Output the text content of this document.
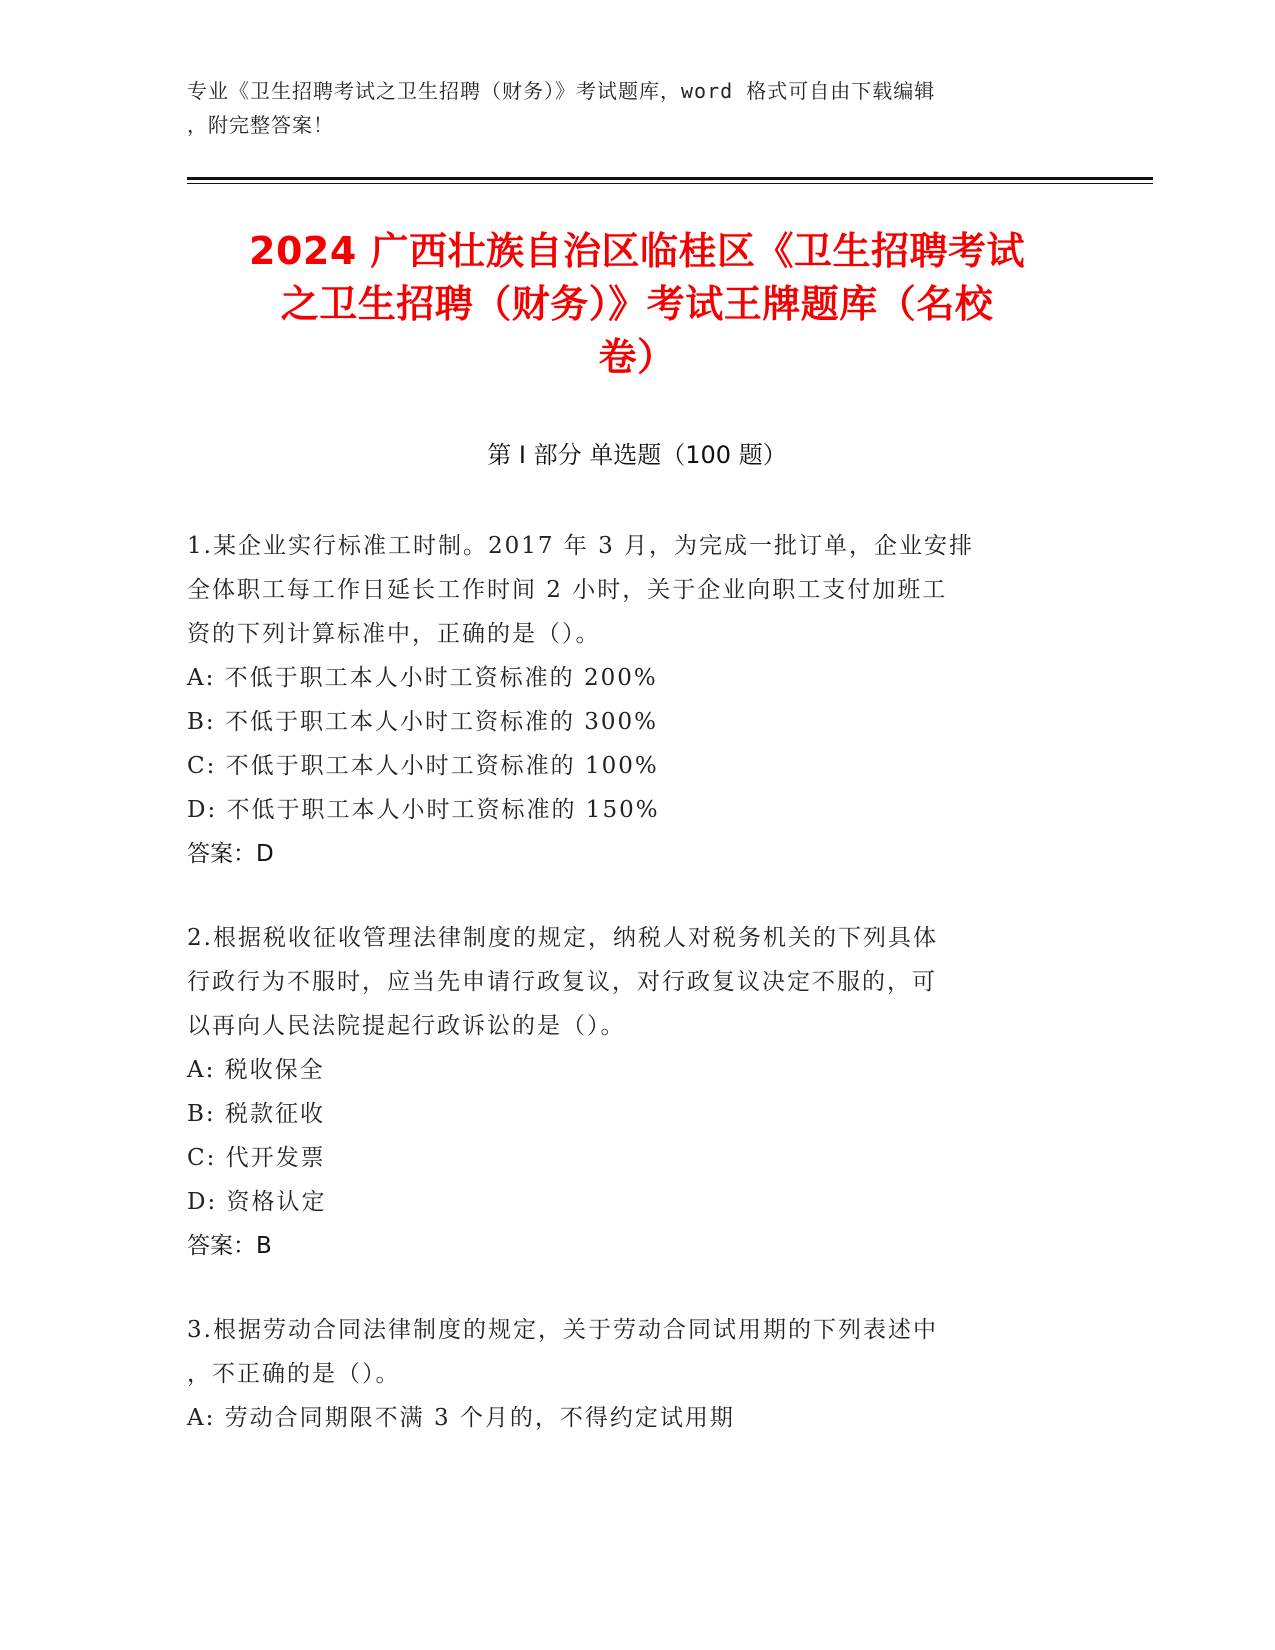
专业《卫生招聘考试之卫生招聘（财务）》考试题库，word 格式可自由下载编辑
，附完整答案！
2024 广西壮族自治区临桂区《卫生招聘考试
之卫生招聘（财务）》考试王牌题库（名校
卷）
第 I 部分 单选题（100 题）

1.某企业实行标准工时制。2017 年 3 月，为完成一批订单，企业安排

全体职工每工作日延长工作时间 2 小时，关于企业向职工支付加班工

资的下列计算标准中，正确的是（）。

A: 不低于职工本人小时工资标准的 200%

B: 不低于职工本人小时工资标准的 300%

C: 不低于职工本人小时工资标准的 100%

D: 不低于职工本人小时工资标准的 150%

答案：D

2.根据税收征收管理法律制度的规定，纳税人对税务机关的下列具体

行政行为不服时，应当先申请行政复议，对行政复议决定不服的，可

以再向人民法院提起行政诉讼的是（）。

A: 税收保全

B: 税款征收

C: 代开发票

D: 资格认定

答案：B

3.根据劳动合同法律制度的规定，关于劳动合同试用期的下列表述中

，不正确的是（）。

A: 劳动合同期限不满 3 个月的，不得约定试用期
